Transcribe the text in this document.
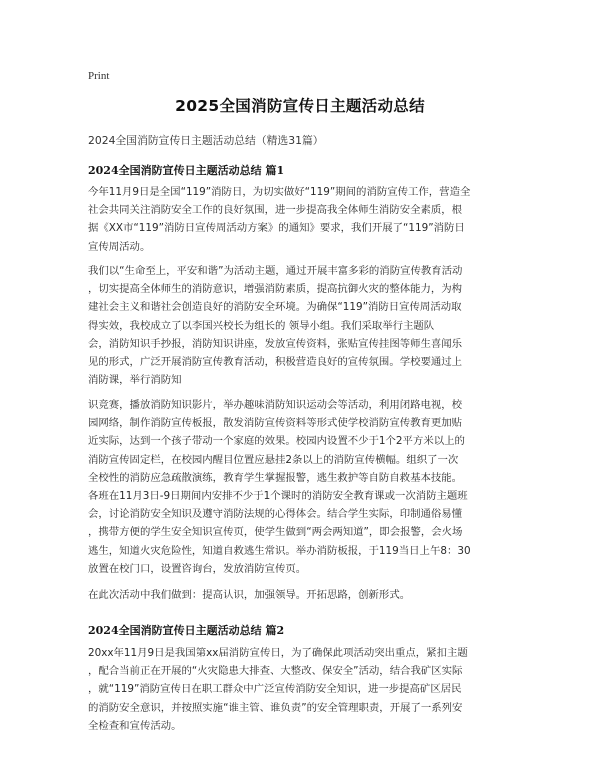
Print
2025全国消防宣传日主题活动总结
2024全国消防宣传日主题活动总结（精选31篇）
2024全国消防宣传日主题活动总结 篇1
今年11月9日是全国“119”消防日，为切实做好“119”期间的消防宣传工作，营造全
社会共同关注消防安全工作的良好氛围，进一步提高我全体师生消防安全素质，根
据《XX市“119”消防日宣传周活动方案》的通知》要求，我们开展了“119”消防日
宣传周活动。
我们以“生命至上，平安和谐”为活动主题，通过开展丰富多彩的消防宣传教育活动
，切实提高全体师生的消防意识，增强消防素质，提高抗御火灾的整体能力，为构
建社会主义和谐社会创造良好的消防安全环境。为确保“119”消防日宣传周活动取
得实效，我校成立了以李国兴校长为组长的 领导小组。我们采取举行主题队
会，消防知识手抄报，消防知识讲座，发放宣传资料，张贴宣传挂图等师生喜闻乐
见的形式，广泛开展消防宣传教育活动，积极营造良好的宣传氛围。学校要通过上
消防课，举行消防知
识竞赛，播放消防知识影片，举办趣味消防知识运动会等活动，利用闭路电视，校
园网络，制作消防宣传板报，散发消防宣传资料等形式使学校消防宣传教育更加贴
近实际，达到一个孩子带动一个家庭的效果。校园内设置不少于1个2平方米以上的
消防宣传固定栏，在校园内醒目位置应悬挂2条以上的消防宣传横幅。组织了一次
全校性的消防应急疏散演练，教育学生掌握报警，逃生救护等自防自救基本技能。
各班在11月3日-9日期间内安排不少于1个课时的消防安全教育课或一次消防主题班
会，讨论消防安全知识及遵守消防法规的心得体会。结合学生实际，印制通俗易懂
，携带方便的学生安全知识宣传页，使学生做到“两会两知道”，即会报警，会火场
逃生，知道火灾危险性，知道自救逃生常识。举办消防板报，于119当日上午8：30
放置在校门口，设置咨询台，发放消防宣传页。
在此次活动中我们做到：提高认识，加强领导。开拓思路，创新形式。
2024全国消防宣传日主题活动总结 篇2
20xx年11月9日是我国第xx届消防宣传日，为了确保此项活动突出重点，紧扣主题
，配合当前正在开展的“火灾隐患大排查、大整改、保安全”活动，结合我矿区实际
，就“119”消防宣传日在职工群众中广泛宣传消防安全知识，进一步提高矿区居民
的消防安全意识，并按照实施“谁主管、谁负责”的安全管理职责，开展了一系列安
全检查和宣传活动。
